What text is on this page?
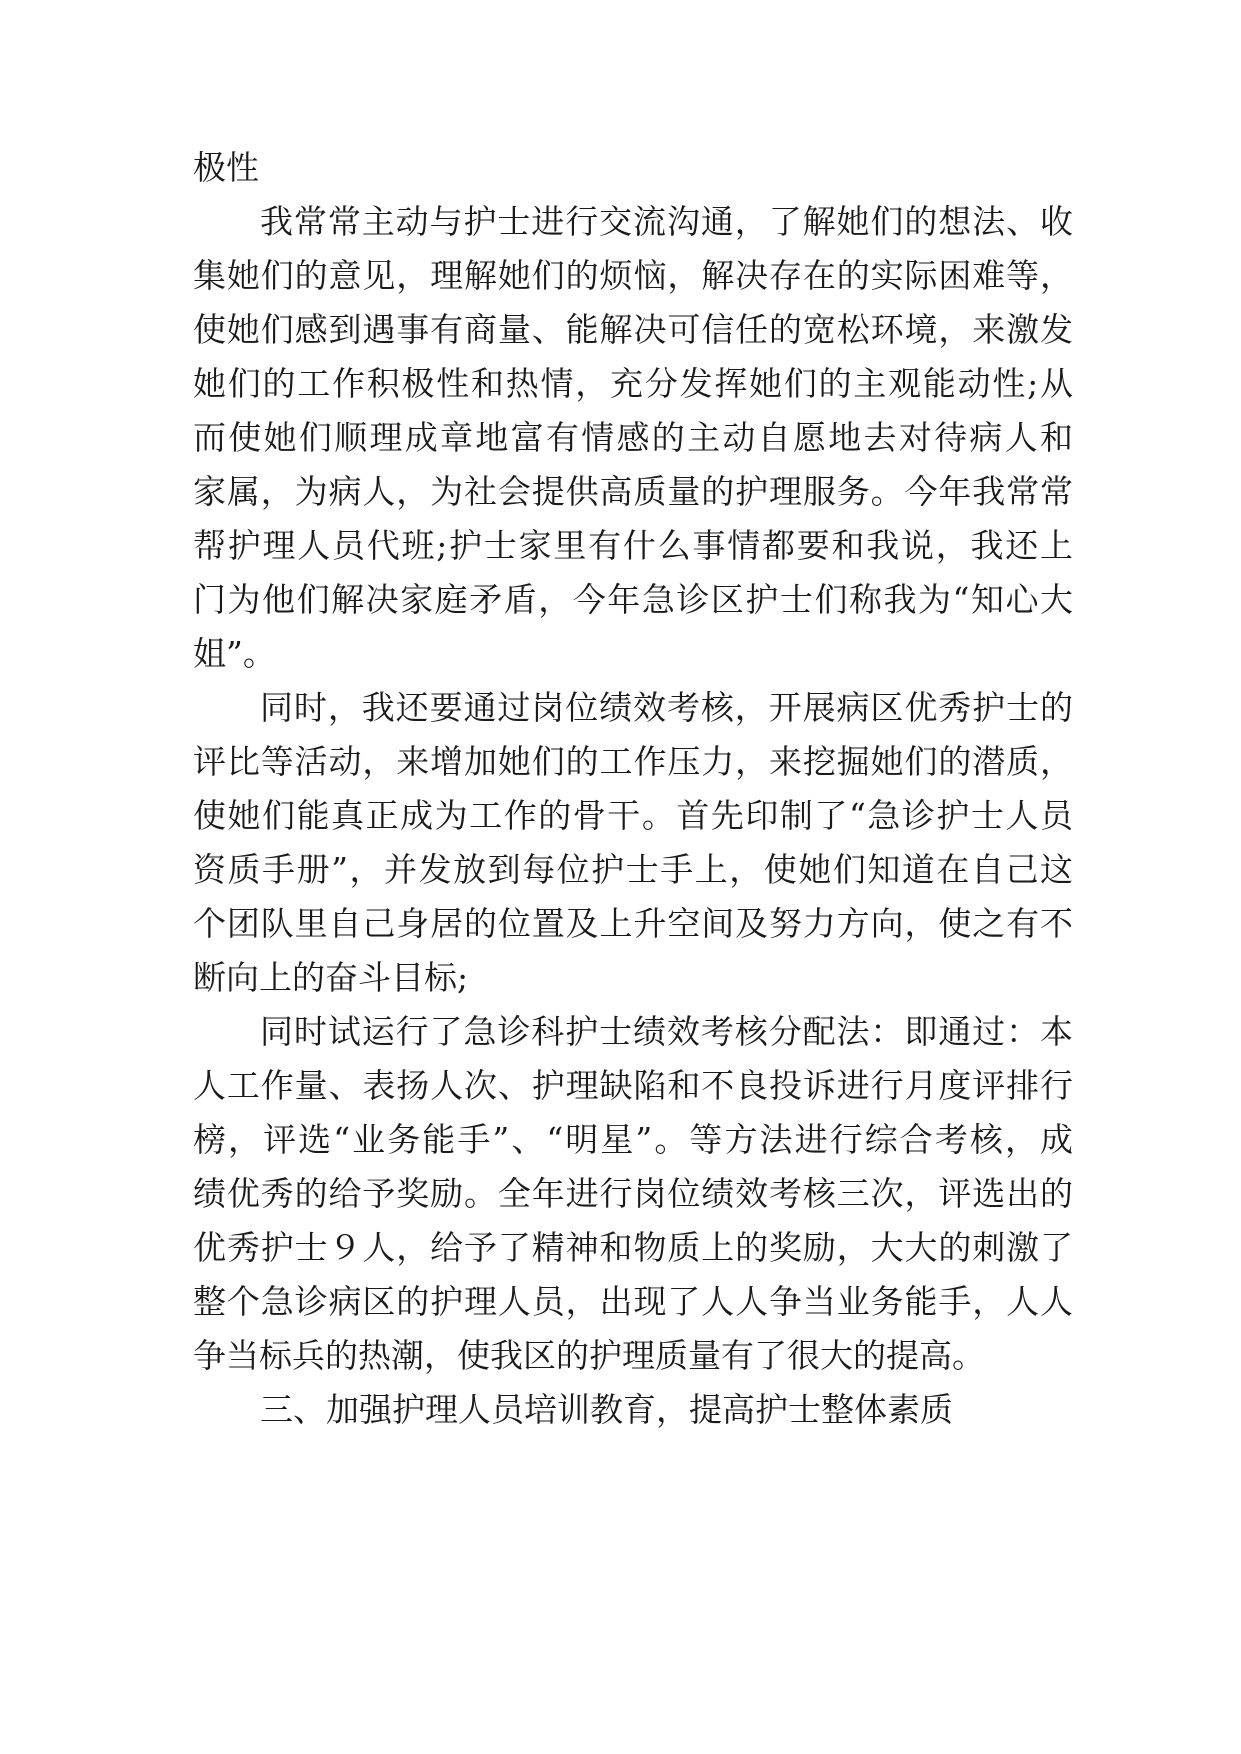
极性
我常常主动与护士进行交流沟通，了解她们的想法、收
集她们的意见，理解她们的烦恼，解决存在的实际困难等，
使她们感到遇事有商量、能解决可信任的宽松环境，来激发
她们的工作积极性和热情，充分发挥她们的主观能动性;从
而使她们顺理成章地富有情感的主动自愿地去对待病人和
家属，为病人，为社会提供高质量的护理服务。今年我常常
帮护理人员代班;护士家里有什么事情都要和我说，我还上
门为他们解决家庭矛盾，今年急诊区护士们称我为“知心大
姐”。
同时，我还要通过岗位绩效考核，开展病区优秀护士的
评比等活动，来增加她们的工作压力，来挖掘她们的潜质，
使她们能真正成为工作的骨干。首先印制了“急诊护士人员
资质手册”，并发放到每位护士手上，使她们知道在自己这
个团队里自己身居的位置及上升空间及努力方向，使之有不
断向上的奋斗目标;
同时试运行了急诊科护士绩效考核分配法：即通过：本
人工作量、表扬人次、护理缺陷和不良投诉进行月度评排行
榜，评选“业务能手”、“明星”。等方法进行综合考核，成
绩优秀的给予奖励。全年进行岗位绩效考核三次，评选出的
优秀护士９人，给予了精神和物质上的奖励，大大的刺激了
整个急诊病区的护理人员，出现了人人争当业务能手，人人
争当标兵的热潮，使我区的护理质量有了很大的提高。
三、加强护理人员培训教育，提高护士整体素质
